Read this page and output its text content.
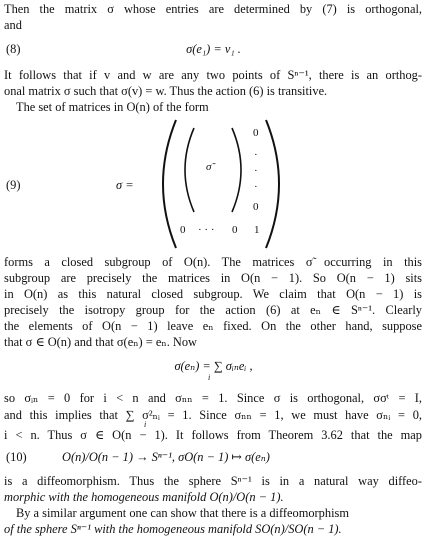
Then the matrix σ whose entries are determined by (7) is orthogonal,
and
(8)	σ(e₁) = v₁ .
It follows that if v and w are any two points of Sⁿ⁻¹, there is an orthog-
onal matrix σ such that σ(v) = w. Thus the action (6) is transitive.
The set of matrices in O(n) of the form
(9)	σ =
σ̃
0
·
·
·
0
0 · · · 0 1
forms a closed subgroup of O(n). The matrices σ̃ occurring in this
subgroup are precisely the matrices in O(n − 1). So O(n − 1) sits
in O(n) as this natural closed subgroup. We claim that O(n − 1) is
precisely the isotropy group for the action (6) at eₙ ∈ Sⁿ⁻¹. Clearly
the elements of O(n − 1) leave eₙ fixed. On the other hand, suppose
that σ ∈ O(n) and that σ(eₙ) = eₙ. Now
σ(eₙ) = ∑ σᵢₙeᵢ ,
i
so σᵢₙ = 0 for i < n and σₙₙ = 1. Since σ is orthogonal, σσᵗ = I,
and this implies that ∑ σ²ₙᵢ = 1. Since σₙₙ = 1, we must have σₙᵢ = 0,
i
i < n. Thus σ ∈ O(n − 1). It follows from Theorem 3.62 that the map
(10)	O(n)/O(n − 1) → Sⁿ⁻¹, σO(n − 1) ↦ σ(eₙ)
is a diffeomorphism. Thus the sphere Sⁿ⁻¹ is in a natural way diffeo-
morphic with the homogeneous manifold O(n)/O(n − 1).
By a similar argument one can show that there is a diffeomorphism
of the sphere Sⁿ⁻¹ with the homogeneous manifold SO(n)/SO(n − 1).
